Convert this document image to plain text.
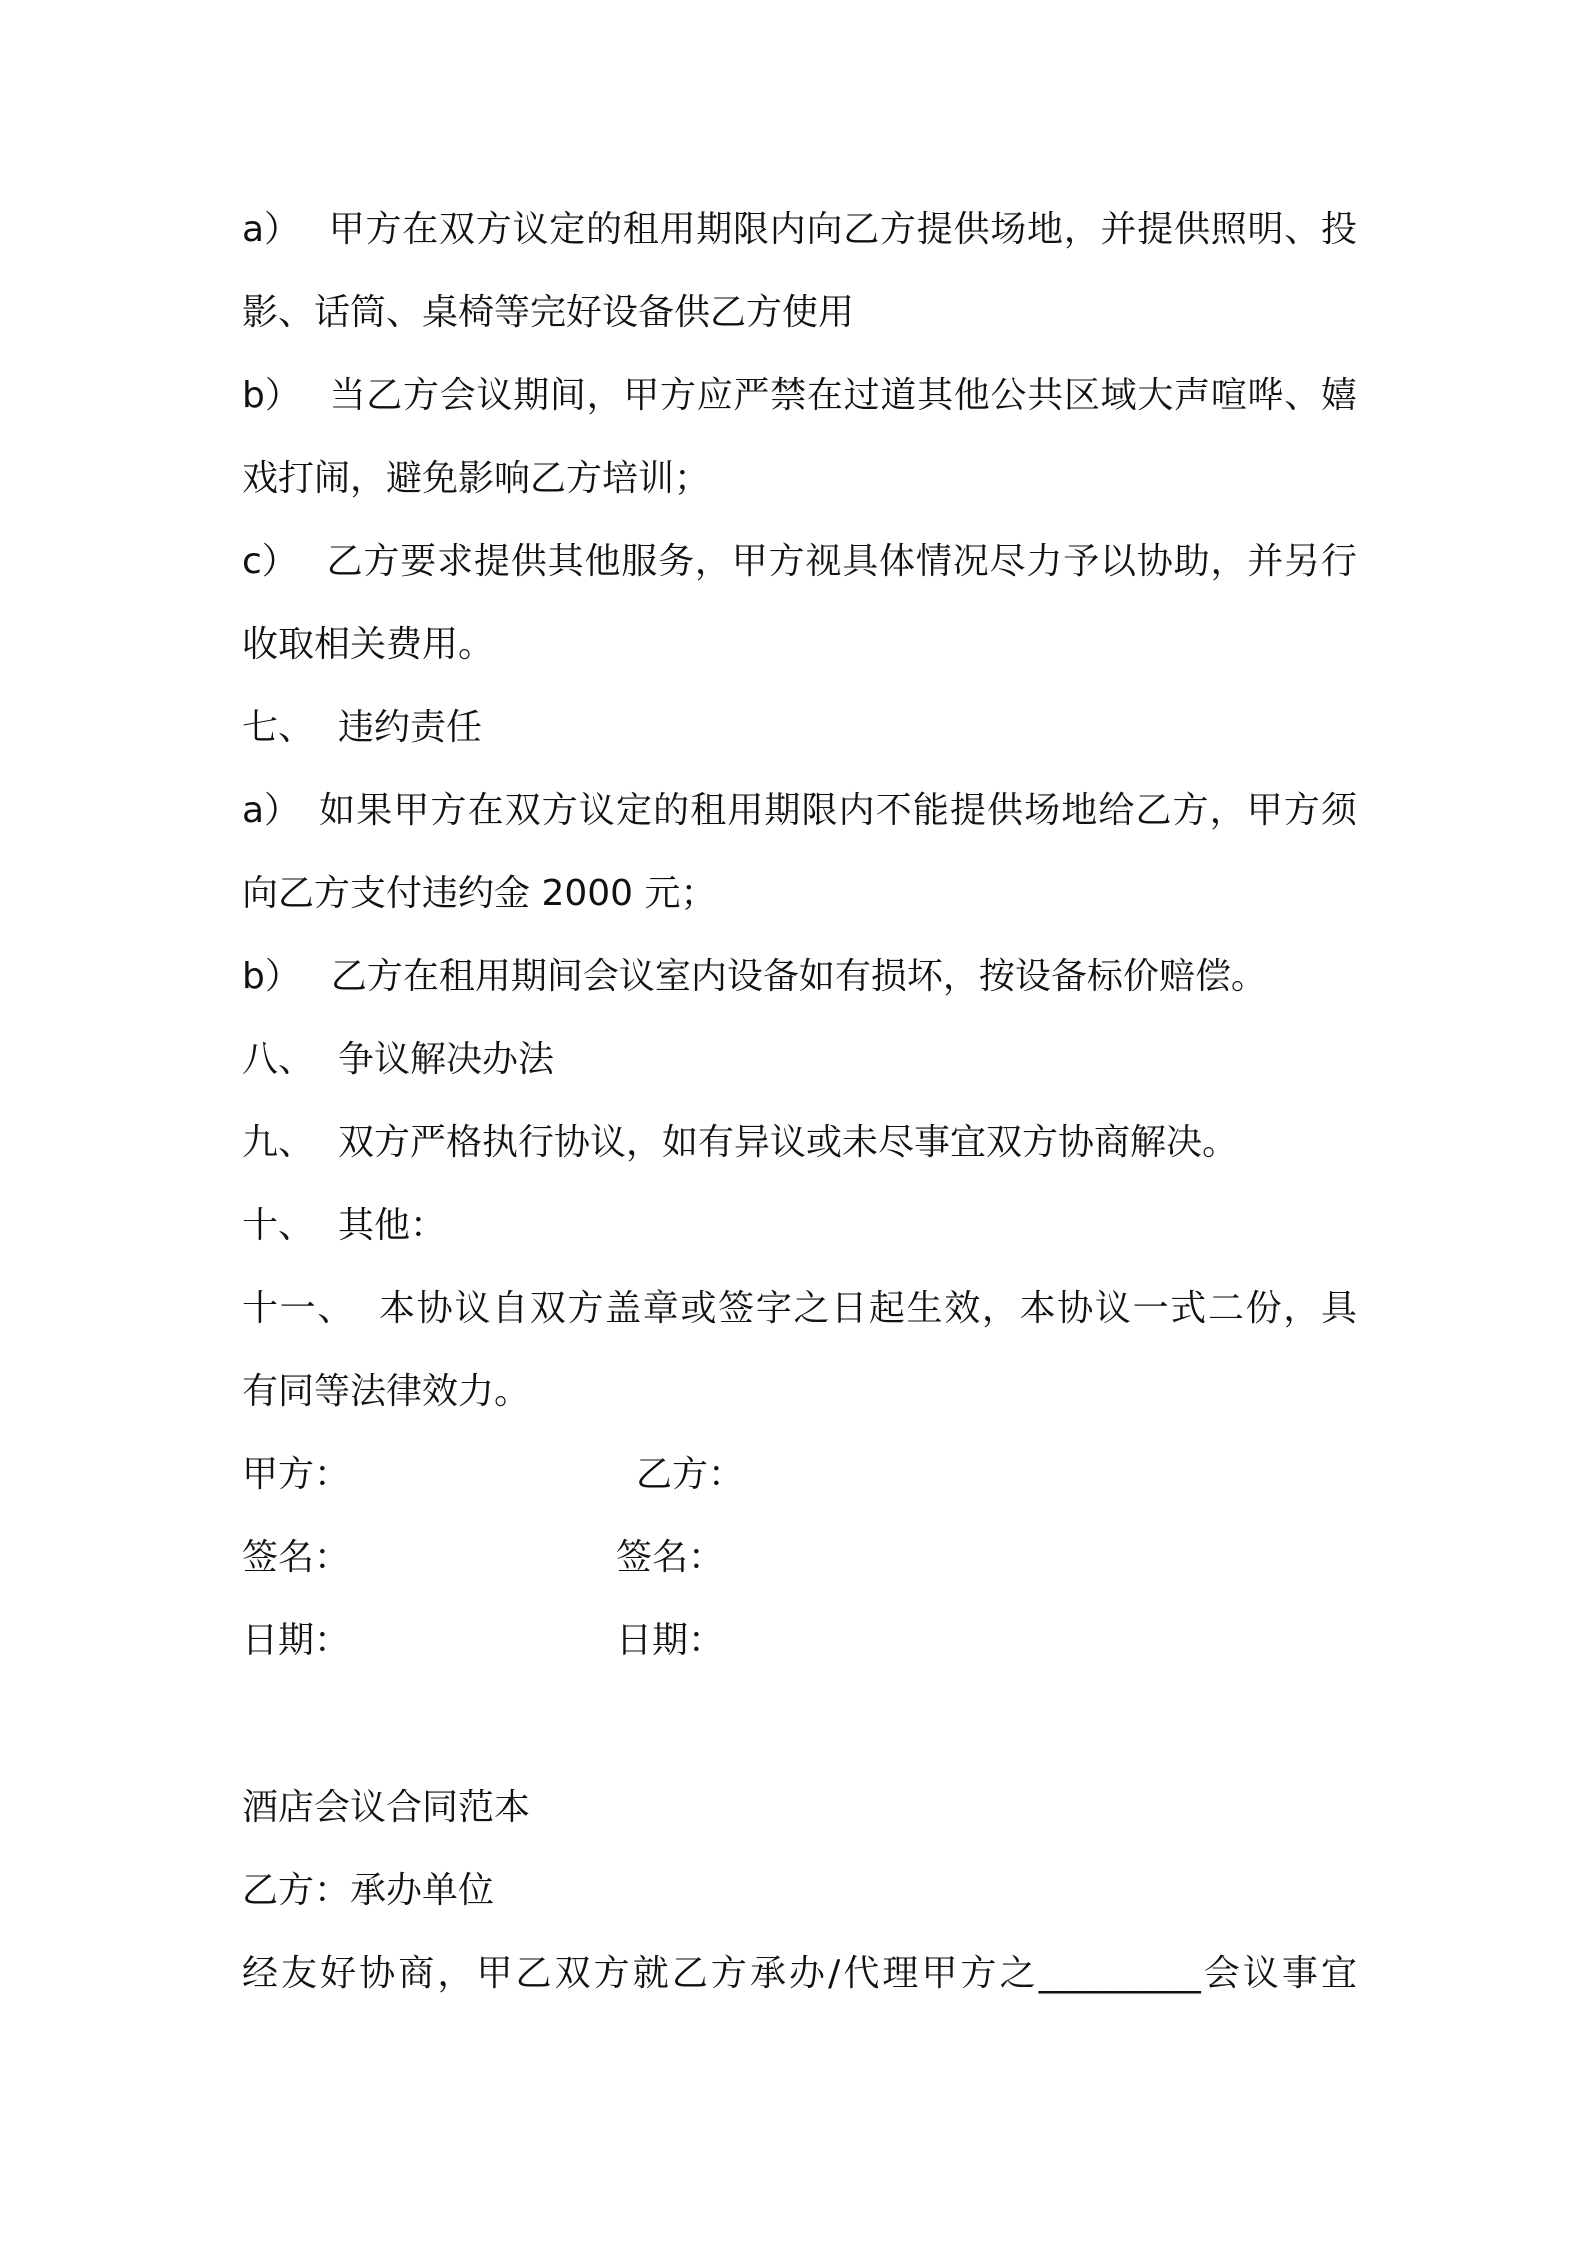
a） 甲方在双方议定的租用期限内向乙方提供场地，并提供照明、投
影、话筒、桌椅等完好设备供乙方使用
b） 当乙方会议期间，甲方应严禁在过道其他公共区域大声喧哗、嬉
戏打闹，避免影响乙方培训；
c） 乙方要求提供其他服务，甲方视具体情况尽力予以协助，并另行
收取相关费用。
七、 违约责任
a） 如果甲方在双方议定的租用期限内不能提供场地给乙方，甲方须
向乙方支付违约金 2000 元；
b） 乙方在租用期间会议室内设备如有损坏，按设备标价赔偿。
八、 争议解决办法
九、 双方严格执行协议，如有异议或未尽事宜双方协商解决。
十、 其他：
十一、 本协议自双方盖章或签字之日起生效，本协议一式二份，具
有同等法律效力。
甲方：	乙方：
签名：	签名：
日期：	日期：
酒店会议合同范本
乙方：承办单位
经友好协商，甲乙双方就乙方承办/代理甲方之_________会议事宜
